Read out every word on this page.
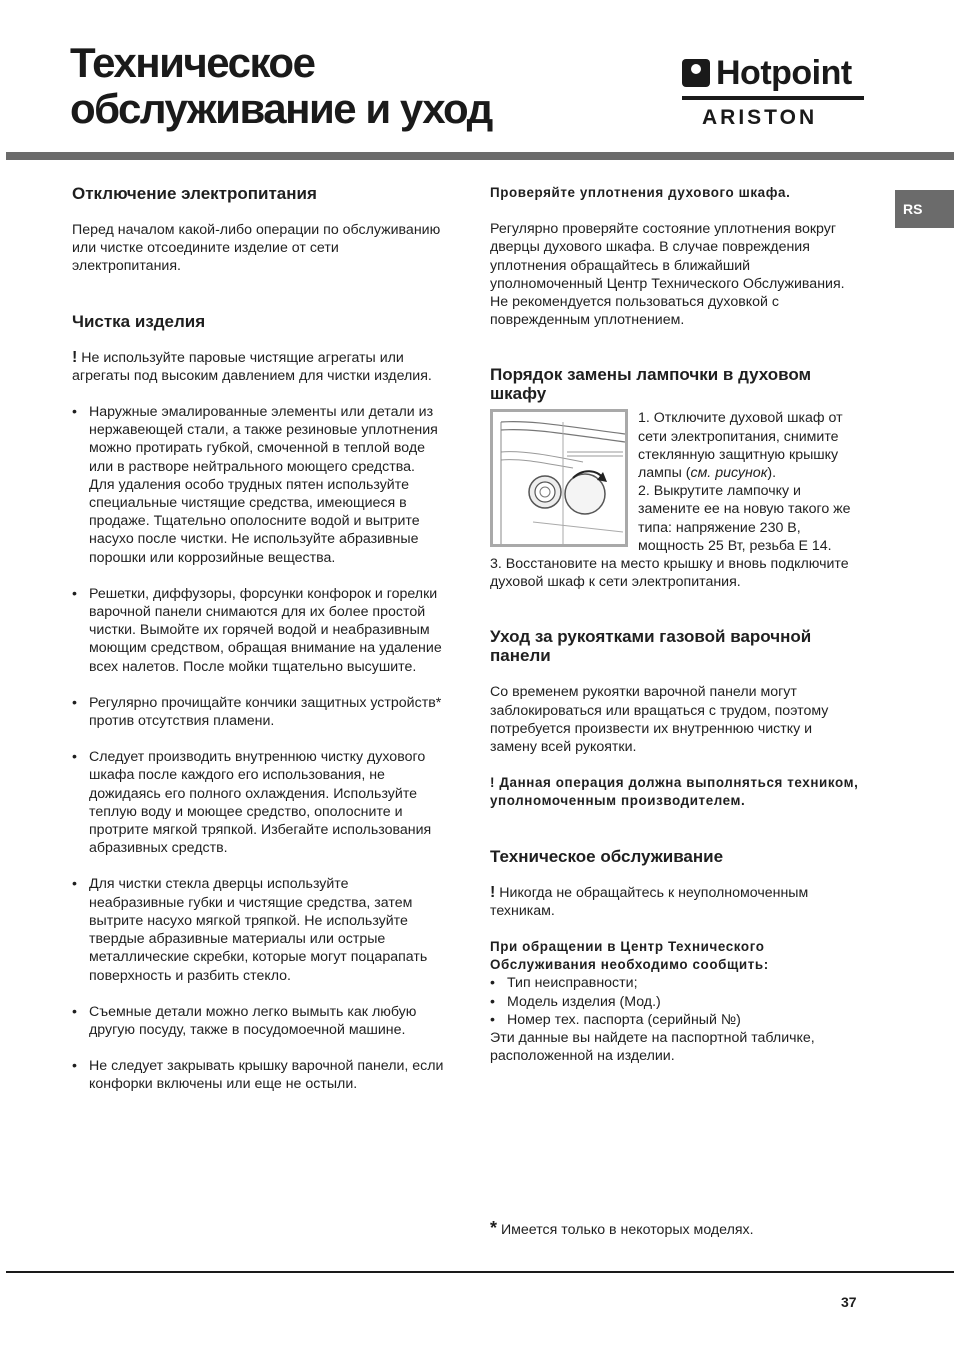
Техническое
обслуживание и уход
Hotpoint
ARISTON
RS
Отключение электропитания

Перед началом какой-либо операции по обслуживанию или чистке отсоедините изделие от сети электропитания.

Чистка изделия

! Не используйте паровые чистящие агрегаты или агрегаты под высоким давлением для чистки изделия.

• Наружные эмалированные элементы или детали из нержавеющей стали, а также резиновые уплотнения можно протирать губкой, смоченной в теплой воде или в растворе нейтрального моющего средства. Для удаления особо трудных пятен используйте специальные чистящие средства, имеющиеся в продаже. Тщательно ополосните водой и вытрите насухо после чистки. Не используйте абразивные порошки или коррозийные вещества.
• Решетки, диффузоры, форсунки конфорок и горелки варочной панели снимаются для их более простой чистки. Вымойте их горячей водой и неабразивным моющим средством, обращая внимание на удаление всех налетов. После мойки тщательно высушите.
• Регулярно прочищайте кончики защитных устройств* против отсутствия пламени.
• Следует производить внутреннюю чистку духового шкафа после каждого его использования, не дожидаясь его полного охлаждения. Используйте теплую воду и моющее средство, ополосните и протрите мягкой тряпкой. Избегайте использования абразивных средств.
• Для чистки стекла дверцы используйте неабразивные губки и чистящие средства, затем вытрите насухо мягкой тряпкой. Не используйте твердые абразивные материалы или острые металлические скребки, которые могут поцарапать поверхность и разбить стекло.
• Съемные детали можно легко вымыть как любую другую посуду, также в посудомоечной машине.
• Не следует закрывать крышку варочной панели, если конфорки включены или еще не остыли.

Проверяйте уплотнения духового шкафа.

Регулярно проверяйте состояние уплотнения вокруг дверцы духового шкафа. В случае повреждения уплотнения обращайтесь в ближайший уполномоченный Центр Технического Обслуживания. Не рекомендуется пользоваться духовкой с поврежденным уплотнением.

Порядок замены лампочки в духовом шкафу

1. Отключите духовой шкаф от сети электропитания, снимите стеклянную защитную крышку лампы (см. рисунок).

2. Выкрутите лампочку и замените ее на новую такого же типа: напряжение 230 В, мощность 25 Вт, резьба Е 14.

3. Восстановите на место крышку и вновь подключите духовой шкаф к сети электропитания.

Уход за рукоятками газовой варочной панели

Со временем рукоятки варочной панели могут заблокироваться или вращаться с трудом, поэтому потребуется произвести их внутреннюю чистку и замену всей рукоятки.

! Данная операция должна выполняться техником, уполномоченным производителем.

Техническое обслуживание

! Никогда не обращайтесь к неуполномоченным техникам.

При обращении в Центр Технического Обслуживания необходимо сообщить:

• Тип неисправности;
• Модель изделия (Мод.)
• Номер тех. паспорта (серийный №)

Эти данные вы найдете на паспортной табличке, расположенной на изделии.

* Имеется только в некоторых моделях.
37
